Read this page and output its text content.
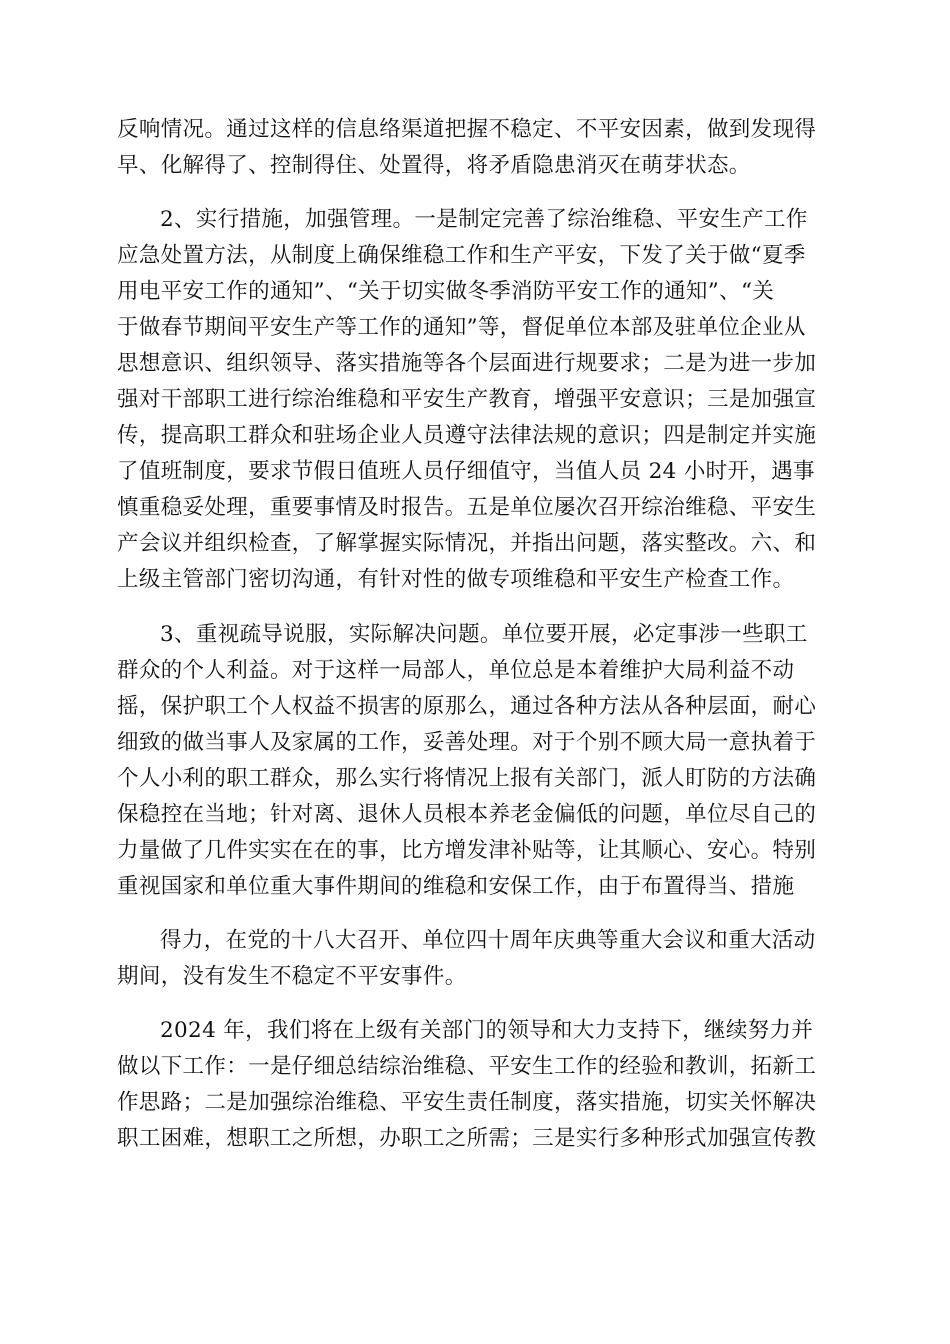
反响情况。通过这样的信息络渠道把握不稳定、不平安因素，做到发现得
早、化解得了、控制得住、处置得，将矛盾隐患消灭在萌芽状态。
2、实行措施，加强管理。一是制定完善了综治维稳、平安生产工作
应急处置方法，从制度上确保维稳工作和生产平安，下发了关于做“夏季
用电平安工作的通知”、“关于切实做冬季消防平安工作的通知”、“关
于做春节期间平安生产等工作的通知”等，督促单位本部及驻单位企业从
思想意识、组织领导、落实措施等各个层面进行规要求；二是为进一步加
强对干部职工进行综治维稳和平安生产教育，增强平安意识；三是加强宣
传，提高职工群众和驻场企业人员遵守法律法规的意识；四是制定并实施
了值班制度，要求节假日值班人员仔细值守，当值人员 24 小时开，遇事
慎重稳妥处理，重要事情及时报告。五是单位屡次召开综治维稳、平安生
产会议并组织检查，了解掌握实际情况，并指出问题，落实整改。六、和
上级主管部门密切沟通，有针对性的做专项维稳和平安生产检查工作。
3、重视疏导说服，实际解决问题。单位要开展，必定事涉一些职工
群众的个人利益。对于这样一局部人，单位总是本着维护大局利益不动
摇，保护职工个人权益不损害的原那么，通过各种方法从各种层面，耐心
细致的做当事人及家属的工作，妥善处理。对于个别不顾大局一意执着于
个人小利的职工群众，那么实行将情况上报有关部门，派人盯防的方法确
保稳控在当地；针对离、退休人员根本养老金偏低的问题，单位尽自己的
力量做了几件实实在在的事，比方增发津补贴等，让其顺心、安心。特别
重视国家和单位重大事件期间的维稳和安保工作，由于布置得当、措施
得力，在党的十八大召开、单位四十周年庆典等重大会议和重大活动
期间，没有发生不稳定不平安事件。
2024 年，我们将在上级有关部门的领导和大力支持下，继续努力并
做以下工作：一是仔细总结综治维稳、平安生工作的经验和教训，拓新工
作思路；二是加强综治维稳、平安生责任制度，落实措施，切实关怀解决
职工困难，想职工之所想，办职工之所需；三是实行多种形式加强宣传教
